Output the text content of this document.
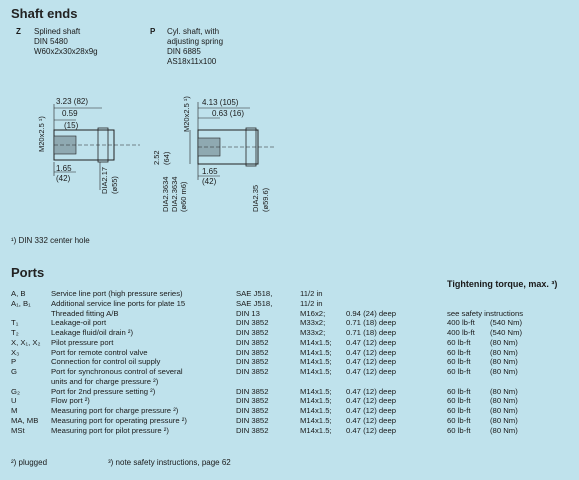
Shaft ends
Z Splined shaft
DIN 5480
W60x2x30x28x9g
P Cyl. shaft, with
adjusting spring
DIN 6885
AS18x11x100
3.23 (82)
0.59
(15)
1.65
(42)
M20x2.5 ¹)
DIA2.17 (ø55)
4.13 (105)
0.63 (16)
1.65
(42)
M20x2.5 ¹)
2.52 (64)
DIA2.3634 DIA2.3634 (ø60 m6)	DIA2.35 (ø59.6)
¹) DIN 332 center hole
Ports
Tightening torque, max. ³)
A, B	Service line port (high pressure series)	SAE J518,	11/2 in
A₁, B₁	Additional service line ports for plate 15	SAE J518,	11/2 in
Threaded fitting A/B	DIN 13	M16x2;	0.94 (24) deep	see safety instructions
T₁	Leakage-oil port	DIN 3852	M33x2;	0.71 (18) deep	400 lb-ft (540 Nm)
T₂	Leakage fluid/oil drain ²)	DIN 3852	M33x2;	0.71 (18) deep	400 lb-ft (540 Nm)
X, X₁, X₂ Pilot pressure port	DIN 3852	M14x1.5; 0.47 (12) deep	60 lb-ft	(80 Nm)
X₃	Port for remote control valve	DIN 3852	M14x1.5; 0.47 (12) deep	60 lb-ft	(80 Nm)
P	Connection for control oil supply	DIN 3852	M14x1.5; 0.47 (12) deep	60 lb-ft	(80 Nm)
G	Port for synchronous control of several	DIN 3852	M14x1.5; 0.47 (12) deep	60 lb-ft	(80 Nm)
units and for charge pressure ²)
G₂	Port for 2nd pressure setting ²)	DIN 3852	M14x1.5; 0.47 (12) deep	60 lb-ft	(80 Nm)
U	Flow port ²)	DIN 3852	M14x1.5; 0.47 (12) deep	60 lb-ft	(80 Nm)
M	Measuring port for charge pressure ²)	DIN 3852	M14x1.5; 0.47 (12) deep	60 lb-ft	(80 Nm)
MA, MB Measuring port for operating pressure ²)	DIN 3852	M14x1.5; 0.47 (12) deep	60 lb-ft	(80 Nm)
MSt	Measuring port for pilot pressure ²)	DIN 3852	M14x1.5; 0.47 (12) deep	60 lb-ft	(80 Nm)
²) plugged	³) note safety instructions, page 62
